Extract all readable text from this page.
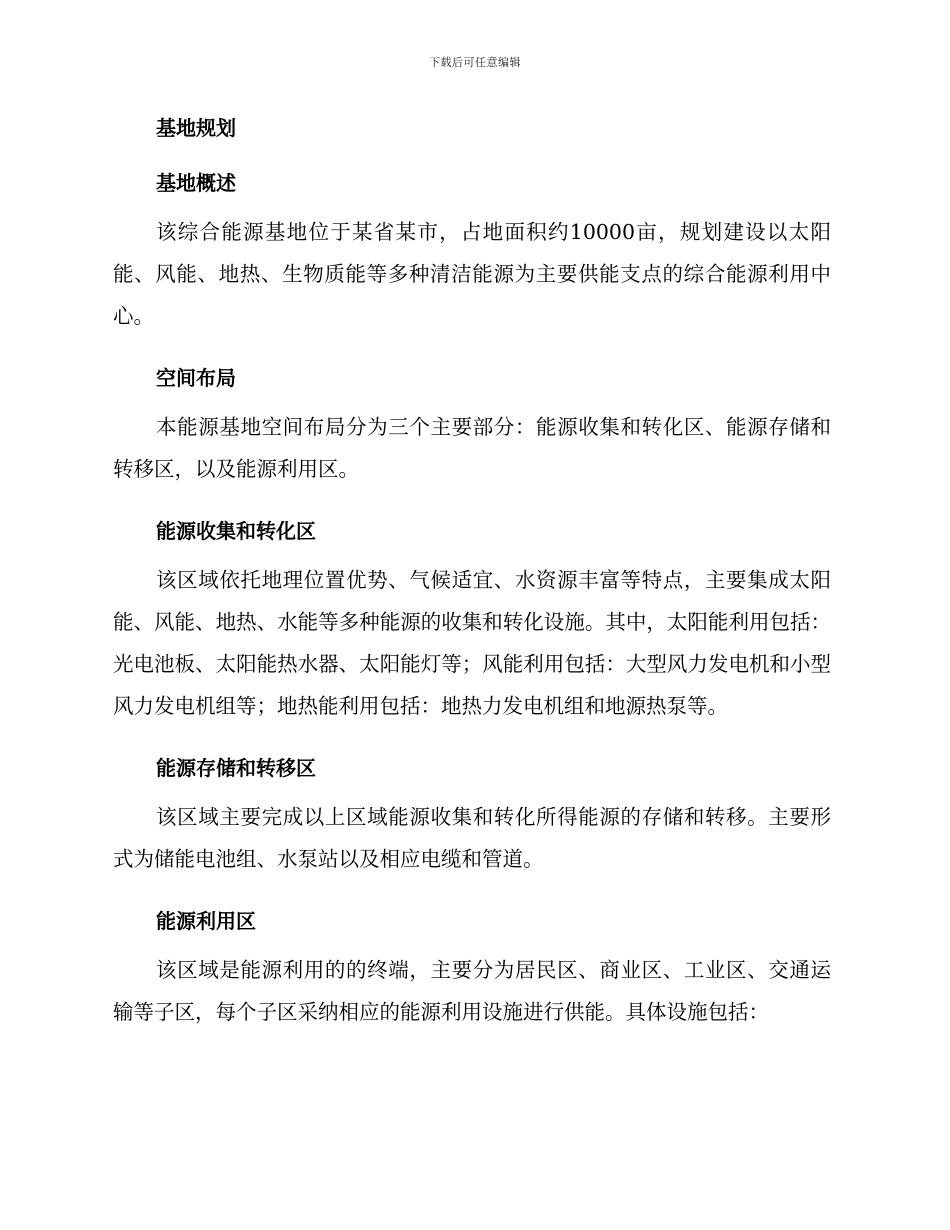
下载后可任意编辑
基地规划
基地概述

该综合能源基地位于某省某市，占地面积约10000亩，规划建设以太阳能、风能、地热、生物质能等多种清洁能源为主要供能支点的综合能源利用中心。

空间布局

本能源基地空间布局分为三个主要部分：能源收集和转化区、能源存储和转移区，以及能源利用区。

能源收集和转化区

该区域依托地理位置优势、气候适宜、水资源丰富等特点，主要集成太阳能、风能、地热、水能等多种能源的收集和转化设施。其中，太阳能利用包括：光电池板、太阳能热水器、太阳能灯等；风能利用包括：大型风力发电机和小型风力发电机组等；地热能利用包括：地热力发电机组和地源热泵等。

能源存储和转移区

该区域主要完成以上区域能源收集和转化所得能源的存储和转移。主要形式为储能电池组、水泵站以及相应电缆和管道。

能源利用区

该区域是能源利用的的终端，主要分为居民区、商业区、工业区、交通运输等子区，每个子区采纳相应的能源利用设施进行供能。具体设施包括：
